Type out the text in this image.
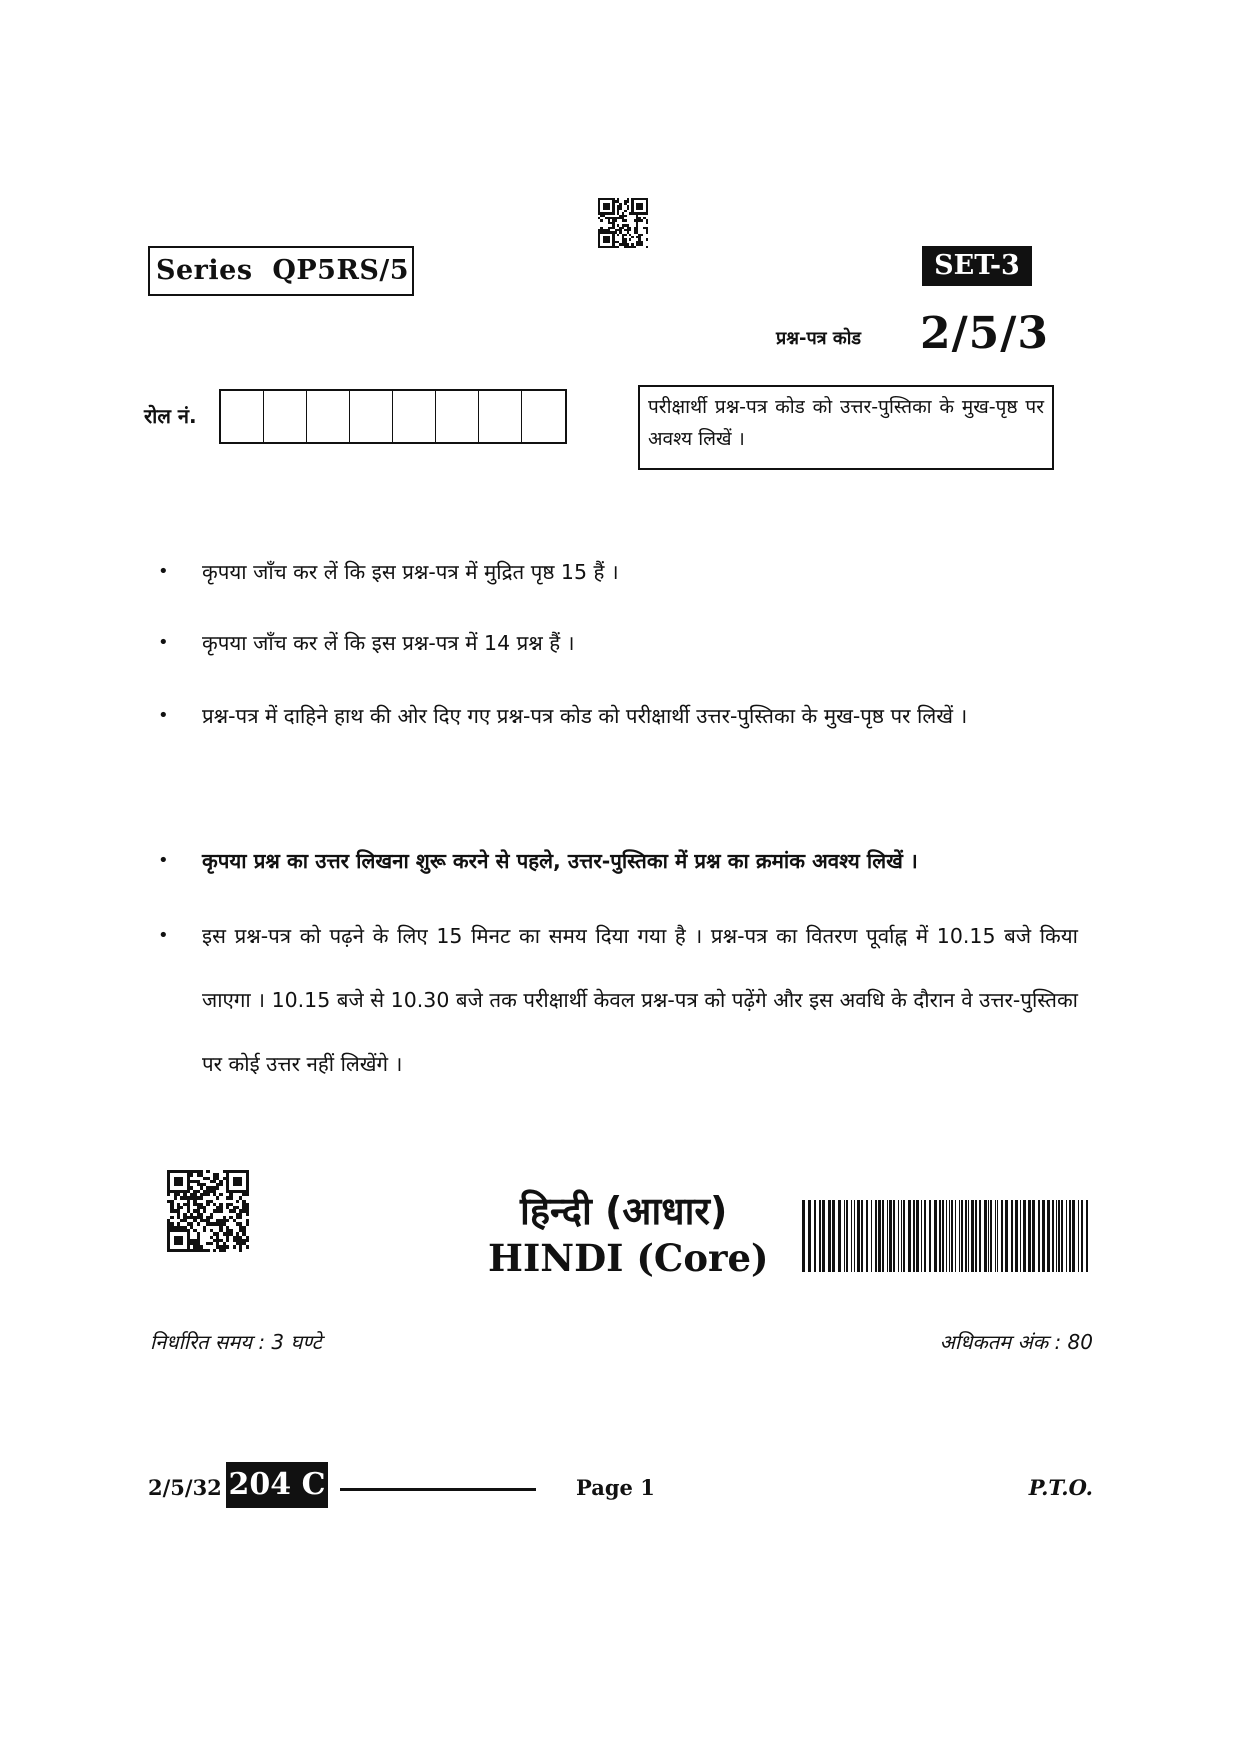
Series  QP5RS/5	SET-3
प्रश्न-पत्र कोड 2/5/3
रोल नं.	परीक्षार्थी प्रश्न-पत्र कोड को उत्तर-पुस्तिका के मुख-पृष्ठ पर अवश्य लिखें ।
• कृपया जाँच कर लें कि इस प्रश्न-पत्र में मुद्रित पृष्ठ 15 हैं ।
• कृपया जाँच कर लें कि इस प्रश्न-पत्र में 14 प्रश्न हैं ।
• प्रश्न-पत्र में दाहिने हाथ की ओर दिए गए प्रश्न-पत्र कोड को परीक्षार्थी उत्तर-पुस्तिका के मुख-पृष्ठ पर लिखें ।
• कृपया प्रश्न का उत्तर लिखना शुरू करने से पहले, उत्तर-पुस्तिका में प्रश्न का क्रमांक अवश्य लिखें ।
• इस प्रश्न-पत्र को पढ़ने के लिए 15 मिनट का समय दिया गया है । प्रश्न-पत्र का वितरण पूर्वाह्न में 10.15 बजे किया जाएगा । 10.15 बजे से 10.30 बजे तक परीक्षार्थी केवल प्रश्न-पत्र को पढ़ेंगे और इस अवधि के दौरान वे उत्तर-पुस्तिका पर कोई उत्तर नहीं लिखेंगे ।
हिन्दी (आधार)
HINDI (Core)
निर्धारित समय : 3 घण्टे	अधिकतम अंक : 80
2/5/32 204 C	Page 1	P.T.O.
